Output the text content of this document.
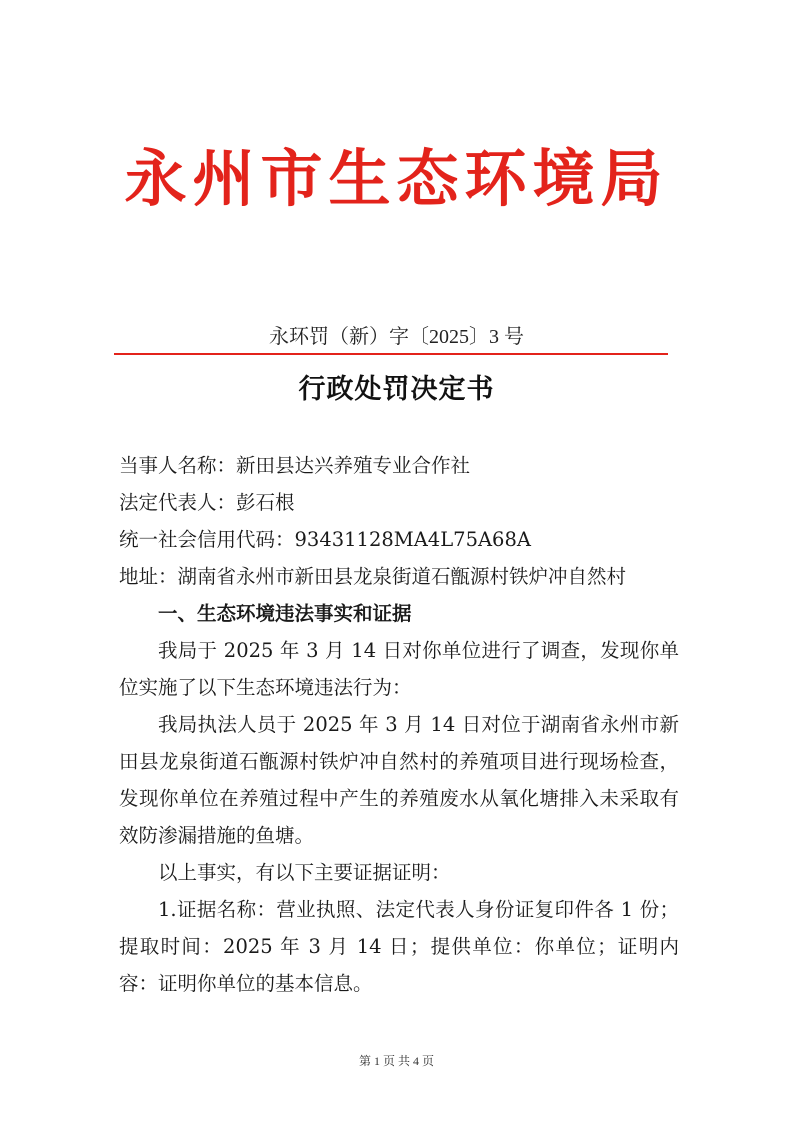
永州市生态环境局
永环罚（新）字〔2025〕3 号
行政处罚决定书

当事人名称：新田县达兴养殖专业合作社

法定代表人：彭石根

统一社会信用代码：93431128MA4L75A68A

地址：湖南省永州市新田县龙泉街道石甑源村铁炉冲自然村

一、生态环境违法事实和证据

我局于 2025 年 3 月 14 日对你单位进行了调查，发现你单位实施了以下生态环境违法行为：

我局执法人员于 2025 年 3 月 14 日对位于湖南省永州市新田县龙泉街道石甑源村铁炉冲自然村的养殖项目进行现场检查，发现你单位在养殖过程中产生的养殖废水从氧化塘排入未采取有效防渗漏措施的鱼塘。

以上事实，有以下主要证据证明：

1.证据名称：营业执照、法定代表人身份证复印件各 1 份；提取时间：2025 年 3 月 14 日；提供单位：你单位；证明内容：证明你单位的基本信息。

第 1 页 共 4 页
